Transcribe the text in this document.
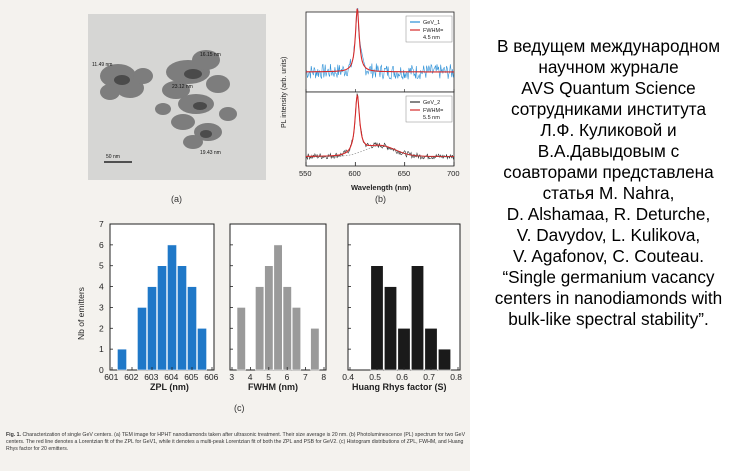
11.49 nm
16.15 nm
23.12 nm
19.43 nm
50 nm
(a)
GeV_1
FWHM=
4.5 nm
GeV_2
FWHM=
5.5 nm
550	600	650	700
PL intensity (arb. units)
Wavelength (nm)
(b)
601 602 603 604 605 606 3 4 5 6 7 8 0.4 0.5 0.6 0.7 0.8
0
1
2
3
4
5
6
7
Nb of emitters
ZPL (nm)	FWHM (nm)	Huang Rhys factor (S)
(c)
Fig. 1. Characterization of single GeV centers. (a) TEM image for HPHT nanodiamonds taken after ultrasonic treatment. Their size average is 20 nm. (b) Photoluminescence (PL) spectrum for two GeV centers. The red line denotes a Lorentzian fit of the ZPL for GeV1, while it denotes a multi-peak Lorentzian fit of both the ZPL and PSB for GeV2. (c) Histogram distributions of ZPL, FWHM, and Huang Rhys factor for 20 emitters.
В ведущем международном
научном журнале
AVS Quantum Science
сотрудниками института
Л.Ф. Куликовой и
В.А.Давыдовым с
соавторами представлена
статья M. Nahra,
D. Alshamaa, R. Deturche,
V. Davydov, L. Kulikova,
V. Agafonov, C. Couteau.
“Single germanium vacancy
centers in nanodiamonds with
bulk-like spectral stability”.
